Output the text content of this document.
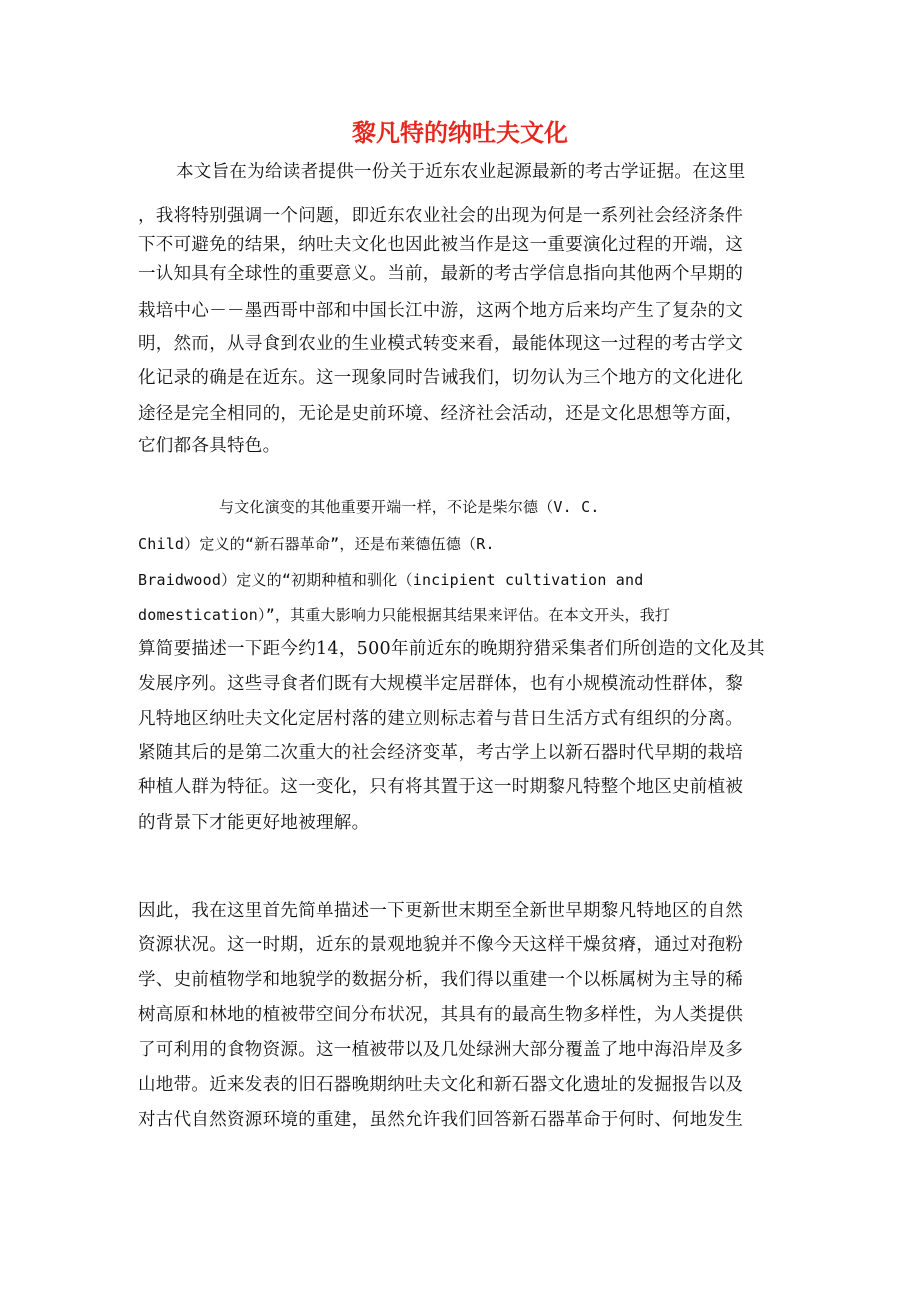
黎凡特的纳吐夫文化
本文旨在为给读者提供一份关于近东农业起源最新的考古学证据。在这里
，我将特别强调一个问题，即近东农业社会的出现为何是一系列社会经济条件
下不可避免的结果，纳吐夫文化也因此被当作是这一重要演化过程的开端，这
一认知具有全球性的重要意义。当前，最新的考古学信息指向其他两个早期的
栽培中心－－墨西哥中部和中国长江中游，这两个地方后来均产生了复杂的文
明，然而，从寻食到农业的生业模式转变来看，最能体现这一过程的考古学文
化记录的确是在近东。这一现象同时告诫我们，切勿认为三个地方的文化进化
途径是完全相同的，无论是史前环境、经济社会活动，还是文化思想等方面，
它们都各具特色。
与文化演变的其他重要开端一样，不论是柴尔德（V. C.
Child）定义的“新石器革命”，还是布莱德伍德（R.
Braidwood）定义的“初期种植和驯化（incipient cultivation and
domestication）”，其重大影响力只能根据其结果来评估。在本文开头，我打
算简要描述一下距今约14，500年前近东的晚期狩猎采集者们所创造的文化及其
发展序列。这些寻食者们既有大规模半定居群体，也有小规模流动性群体，黎
凡特地区纳吐夫文化定居村落的建立则标志着与昔日生活方式有组织的分离。
紧随其后的是第二次重大的社会经济变革，考古学上以新石器时代早期的栽培
种植人群为特征。这一变化，只有将其置于这一时期黎凡特整个地区史前植被
的背景下才能更好地被理解。
因此，我在这里首先简单描述一下更新世末期至全新世早期黎凡特地区的自然
资源状况。这一时期，近东的景观地貌并不像今天这样干燥贫瘠，通过对孢粉
学、史前植物学和地貌学的数据分析，我们得以重建一个以栎属树为主导的稀
树高原和林地的植被带空间分布状况，其具有的最高生物多样性，为人类提供
了可利用的食物资源。这一植被带以及几处绿洲大部分覆盖了地中海沿岸及多
山地带。近来发表的旧石器晚期纳吐夫文化和新石器文化遗址的发掘报告以及
对古代自然资源环境的重建，虽然允许我们回答新石器革命于何时、何地发生
